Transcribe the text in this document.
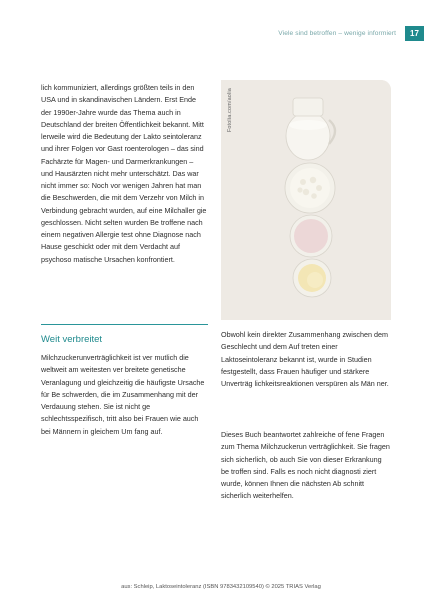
Viele sind betroffen – wenige informiert	17

lich kommuniziert, allerdings größten teils in den USA und in skandinavischen Ländern. Erst Ende der 1990er-Jahre wurde das Thema auch in Deutschland der breiten Öffentlichkeit bekannt. Mitt lerweile wird die Bedeutung der Lakto seintoleranz und ihrer Folgen vor Gast roenterologen – das sind Fachärzte für Magen- und Darmerkrankungen – und Hausärzten nicht mehr unterschätzt. Das war nicht immer so: Noch vor wenigen Jahren hat man die Beschwerden, die mit dem Verzehr von Milch in Verbindung gebracht wurden, auf eine Milchaller gie geschlossen. Nicht selten wurden Be troffene nach einem negativen Allergie test ohne Diagnose nach Hause geschickt oder mit dem Verdacht auf psychoso matische Ursachen konfrontiert.

Weit verbreitet

Milchzuckerunverträglichkeit ist ver mutlich die weltweit am weitesten ver breitete genetische Veranlagung und gleichzeitig die häufigste Ursache für Be schwerden, die im Zusammenhang mit der Verdauung stehen. Sie ist nicht ge schlechtsspezifisch, tritt also bei Frauen wie auch bei Männern in gleichem Um fang auf.

Fotolia.com/aolia

Obwohl kein direkter Zusammenhang zwischen dem Geschlecht und dem Auf treten einer Laktoseintoleranz bekannt ist, wurde in Studien festgestellt, dass Frauen häufiger und stärkere Unverträg lichkeitsreaktionen verspüren als Män ner.

Dieses Buch beantwortet zahlreiche of fene Fragen zum Thema Milchzuckerun verträglichkeit. Sie fragen sich sicherlich, ob auch Sie von dieser Erkrankung be troffen sind. Falls es noch nicht diagnosti ziert wurde, können Ihnen die nächsten Ab schnitt sicherlich weiterhelfen.

aus: Schleip, Laktoseintoleranz (ISBN 9783432109540) © 2025 TRIAS Verlag
